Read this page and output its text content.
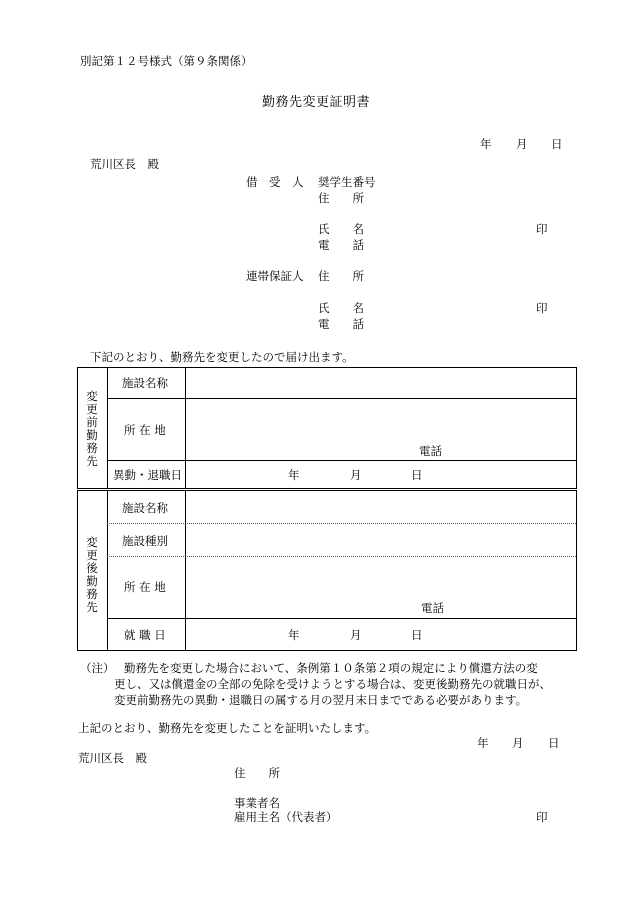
別記第１２号様式（第９条関係）
勤務先変更証明書
年 月 日
荒川区長　殿
借　受　人 奨学生番号
住　　所
氏　　名	印
電　　話
連帯保証人 住　　所
氏　　名	印
電　　話
下記のとおり、勤務先を変更したので届け出ます。
変更前勤務先
施設名称
所 在 地
電話
異動・退職日	年	月	日
変更後勤務先
施設名称
施設種別
所 在 地
電話
就 職 日	年	月	日
（注） 勤務先を変更した場合において、条例第１０条第２項の規定により償還方法の変
更し、又は償還金の全部の免除を受けようとする場合は、変更後勤務先の就職日が、
変更前勤務先の異動・退職日の属する月の翌月末日までである必要があります。
上記のとおり、勤務先を変更したことを証明いたします。
年 月 日
荒川区長　殿
住　　所
事業者名
雇用主名（代表者）	印
